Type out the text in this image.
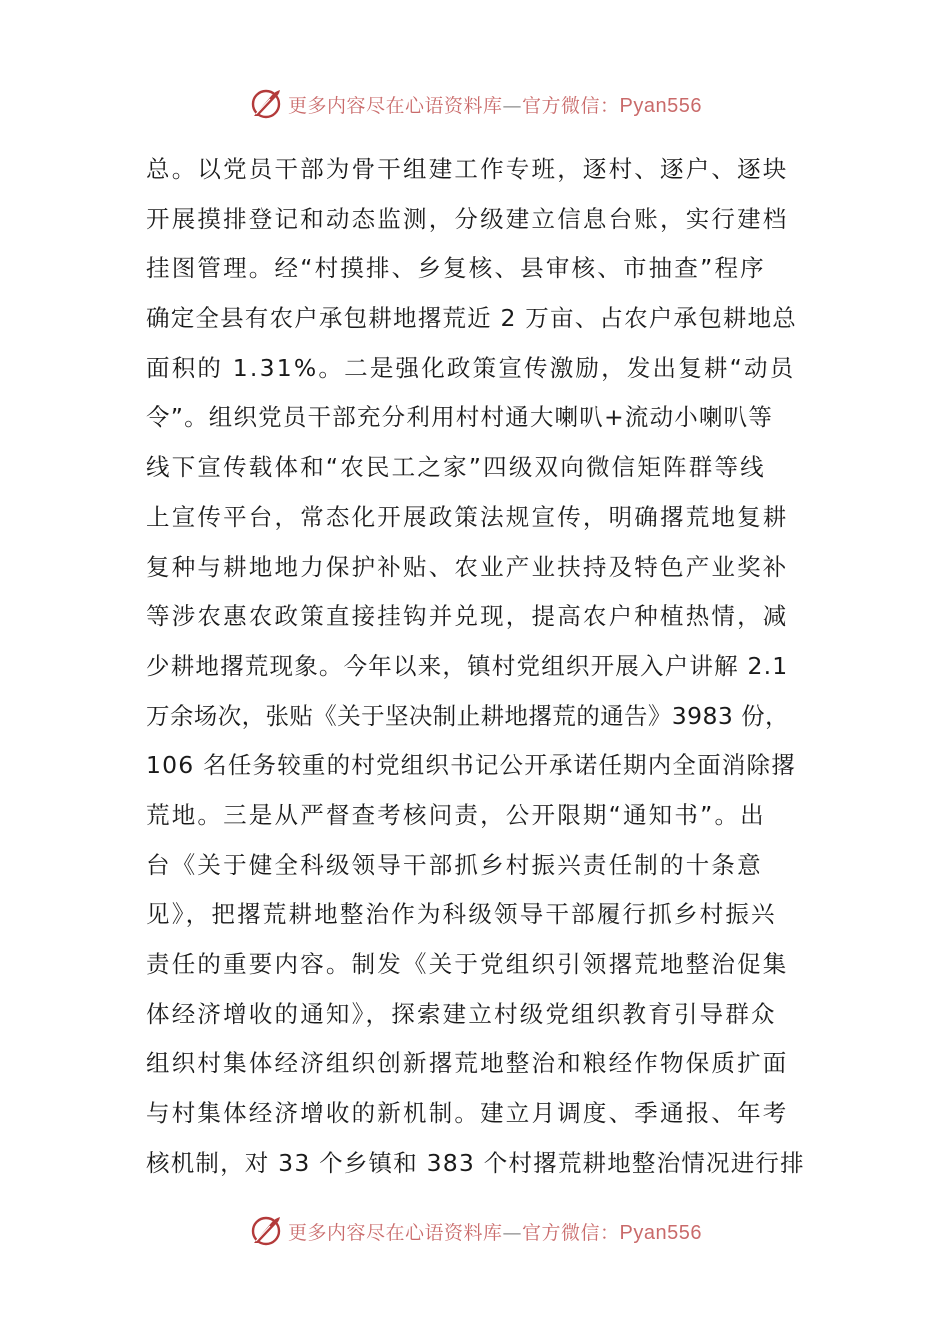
更多内容尽在心语资料库—官方微信：Pyan556
总。以党员干部为骨干组建工作专班，逐村、逐户、逐块
开展摸排登记和动态监测，分级建立信息台账，实行建档
挂图管理。经“村摸排、乡复核、县审核、市抽查”程序
确定全县有农户承包耕地撂荒近 2 万亩、占农户承包耕地总
面积的 1.31%。二是强化政策宣传激励，发出复耕“动员
令”。组织党员干部充分利用村村通大喇叭+流动小喇叭等
线下宣传载体和“农民工之家”四级双向微信矩阵群等线
上宣传平台，常态化开展政策法规宣传，明确撂荒地复耕
复种与耕地地力保护补贴、农业产业扶持及特色产业奖补
等涉农惠农政策直接挂钩并兑现，提高农户种植热情，减
少耕地撂荒现象。今年以来，镇村党组织开展入户讲解 2.1
万余场次，张贴《关于坚决制止耕地撂荒的通告》3983 份，
106 名任务较重的村党组织书记公开承诺任期内全面消除撂
荒地。三是从严督查考核问责，公开限期“通知书”。出
台《关于健全科级领导干部抓乡村振兴责任制的十条意
见》，把撂荒耕地整治作为科级领导干部履行抓乡村振兴
责任的重要内容。制发《关于党组织引领撂荒地整治促集
体经济增收的通知》，探索建立村级党组织教育引导群众
组织村集体经济组织创新撂荒地整治和粮经作物保质扩面
与村集体经济增收的新机制。建立月调度、季通报、年考
核机制，对 33 个乡镇和 383 个村撂荒耕地整治情况进行排
更多内容尽在心语资料库—官方微信：Pyan556
